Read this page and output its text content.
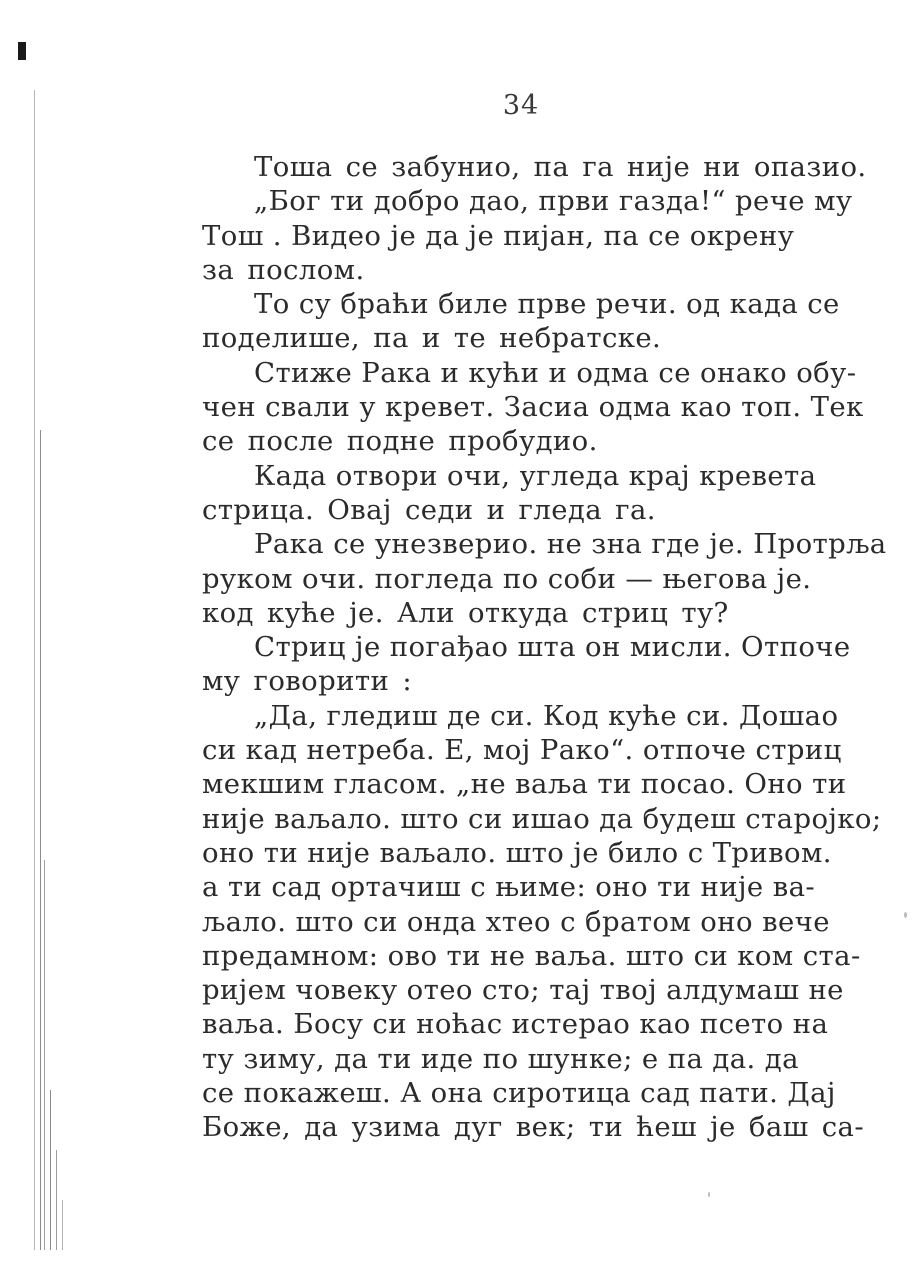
34

Тоша се забунио, па га није ни опазио.

„Бог ти добро дао, први газда!“ рече му
Тош . Видео је да је пијан, па се окрену
за послом.

То су браћи биле прве речи. од када се
поделише, па и те небратске.

Стиже Рака и кући и одма се онако обу-
чен свали у кревет. Засиа одма као топ. Тек
се после подне пробудио.

Када отвори очи, угледа крај кревета
стрица. Овај седи и гледа га.

Рака се унезверио. не зна где је. Протрља
руком очи. погледа по соби — његова је.
код куће је. Али откуда стриц ту?

Стриц је погађао шта он мисли. Отпоче
му говорити :

„Да, гледиш де си. Код куће си. Дошао
си кад нетреба. Е, мој Рако“. отпоче стриц
мекшим гласом. „не ваља ти посао. Оно ти
није ваљало. што си ишао да будеш старојко;
оно ти није ваљало. што је било с Тривом.
а ти сад ортачиш с њиме: оно ти није ва-
љало. што си онда хтео с братом оно вече
предамном: ово ти не ваља. што си ком ста-
ријем човеку отео сто; тај твој алдумаш не
ваља. Босу си ноћас истерао као псето на
ту зиму, да ти иде по шунке; е па да. да
се покажеш. А она сиротица сад пати. Дај
Боже, да узима дуг век; ти ћеш је баш са-
